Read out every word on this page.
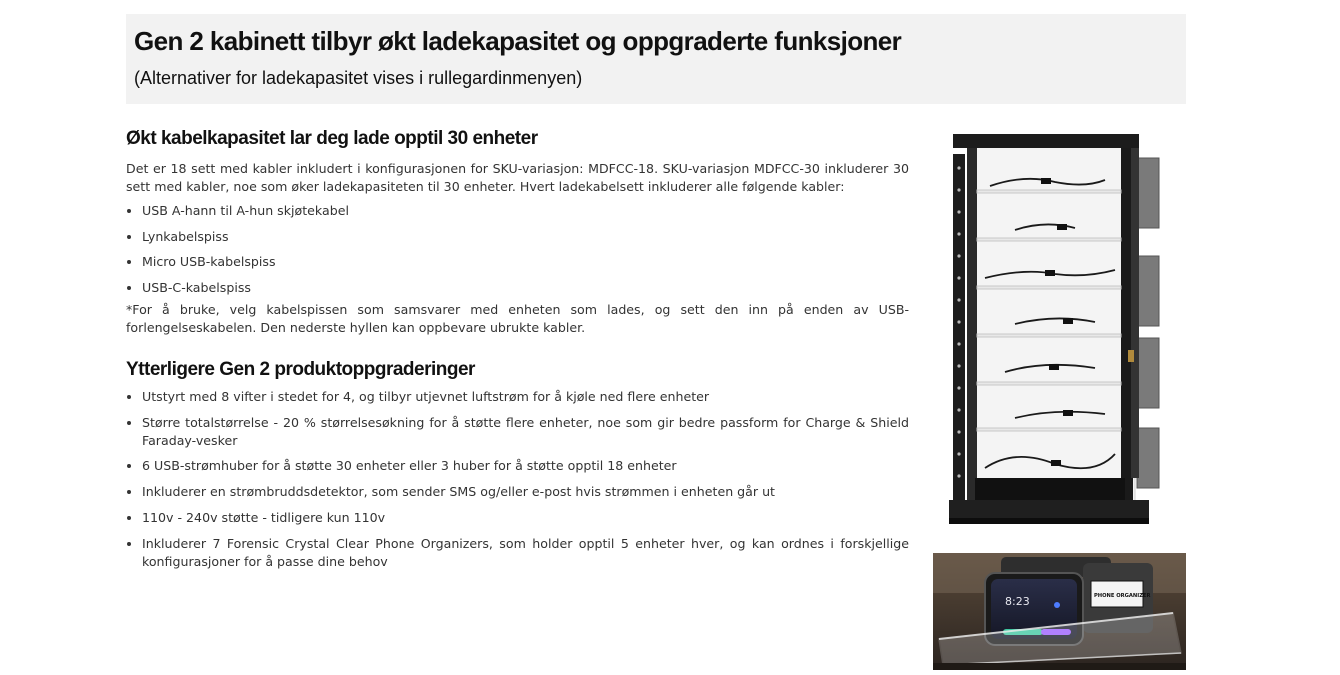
Gen 2 kabinett tilbyr økt ladekapasitet og oppgraderte funksjoner

(Alternativer for ladekapasitet vises i rullegardinmenyen)

Økt kabelkapasitet lar deg lade opptil 30 enheter

Det er 18 sett med kabler inkludert i konfigurasjonen for SKU-variasjon: MDFCC-18. SKU-variasjon MDFCC-30 inkluderer 30 sett med kabler, noe som øker ladekapasiteten til 30 enheter. Hvert ladekabelsett inkluderer alle følgende kabler:

• USB A-hann til A-hun skjøtekabel
• Lynkabelspiss
• Micro USB-kabelspiss
• USB-C-kabelspiss

*For å bruke, velg kabelspissen som samsvarer med enheten som lades, og sett den inn på enden av USB-forlengelseskabelen. Den nederste hyllen kan oppbevare ubrukte kabler.

Ytterligere Gen 2 produktoppgraderinger
• Utstyrt med 8 vifter i stedet for 4, og tilbyr utjevnet luftstrøm for å kjøle ned flere enheter
• Større totalstørrelse - 20 % størrelsesøkning for å støtte flere enheter, noe som gir bedre passform for Charge & Shield Faraday-vesker
• 6 USB-strømhuber for å støtte 30 enheter eller 3 huber for å støtte opptil 18 enheter
• Inkluderer en strømbruddsdetektor, som sender SMS og/eller e-post hvis strømmen i enheten går ut
• 110v - 240v støtte - tidligere kun 110v
• Inkluderer 7 Forensic Crystal Clear Phone Organizers, som holder opptil 5 enheter hver, og kan ordnes i forskjellige konfigurasjoner for å passe dine behov
8:23	PHONE ORGANIZER
